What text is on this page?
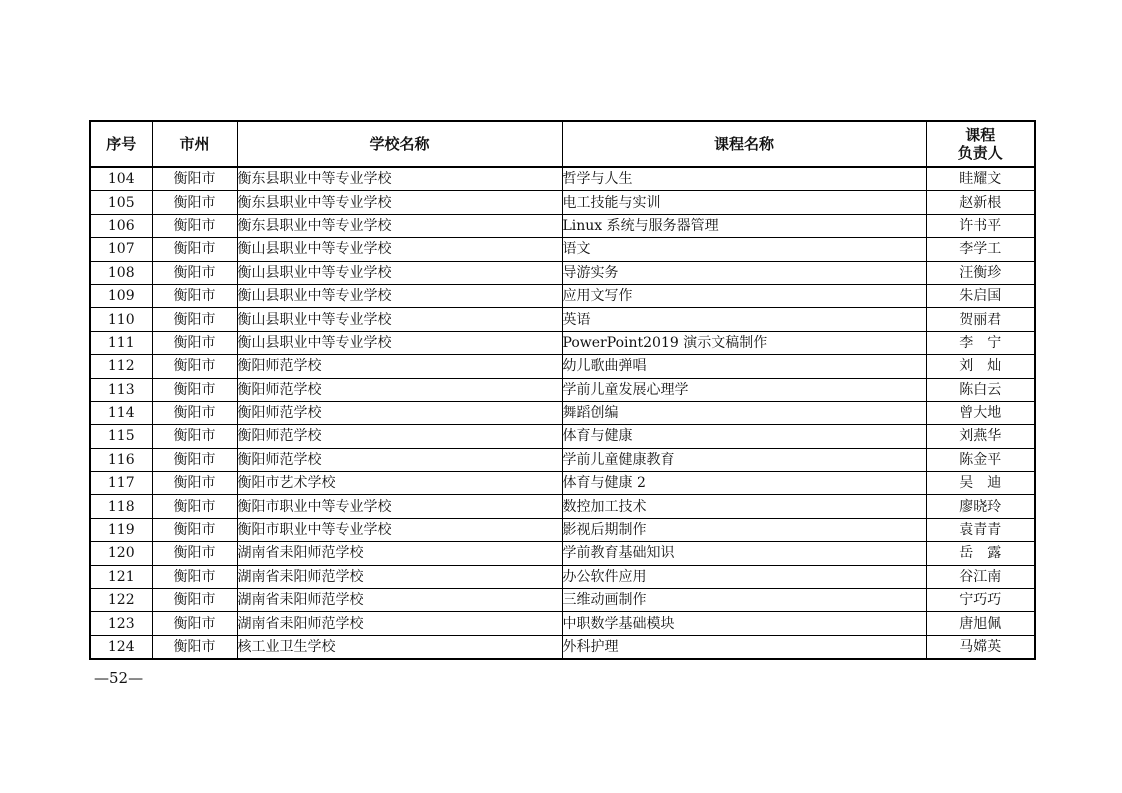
序号	市州	学校名称	课程名称	课程
负责人

104	衡阳市	衡东县职业中等专业学校	哲学与人生	眭耀文
105	衡阳市	衡东县职业中等专业学校	电工技能与实训	赵新根
106	衡阳市	衡东县职业中等专业学校	Linux 系统与服务器管理	许书平
107	衡阳市	衡山县职业中等专业学校	语文	李学工
108	衡阳市	衡山县职业中等专业学校	导游实务	汪衡珍
109	衡阳市	衡山县职业中等专业学校	应用文写作	朱启国
110	衡阳市	衡山县职业中等专业学校	英语	贺丽君
111	衡阳市	衡山县职业中等专业学校	PowerPoint2019 演示文稿制作	李　宁
112	衡阳市	衡阳师范学校	幼儿歌曲弹唱	刘　灿
113	衡阳市	衡阳师范学校	学前儿童发展心理学	陈白云
114	衡阳市	衡阳师范学校	舞蹈创编	曾大地
115	衡阳市	衡阳师范学校	体育与健康	刘燕华
116	衡阳市	衡阳师范学校	学前儿童健康教育	陈金平
117	衡阳市	衡阳市艺术学校	体育与健康 2	吴　迪
118	衡阳市	衡阳市职业中等专业学校	数控加工技术	廖晓玲
119	衡阳市	衡阳市职业中等专业学校	影视后期制作	袁青青
120	衡阳市	湖南省耒阳师范学校	学前教育基础知识	岳　露
121	衡阳市	湖南省耒阳师范学校	办公软件应用	谷江南
122	衡阳市	湖南省耒阳师范学校	三维动画制作	宁巧巧
123	衡阳市	湖南省耒阳师范学校	中职数学基础模块	唐旭佩
124	衡阳市	核工业卫生学校	外科护理	马嫦英
—52—
